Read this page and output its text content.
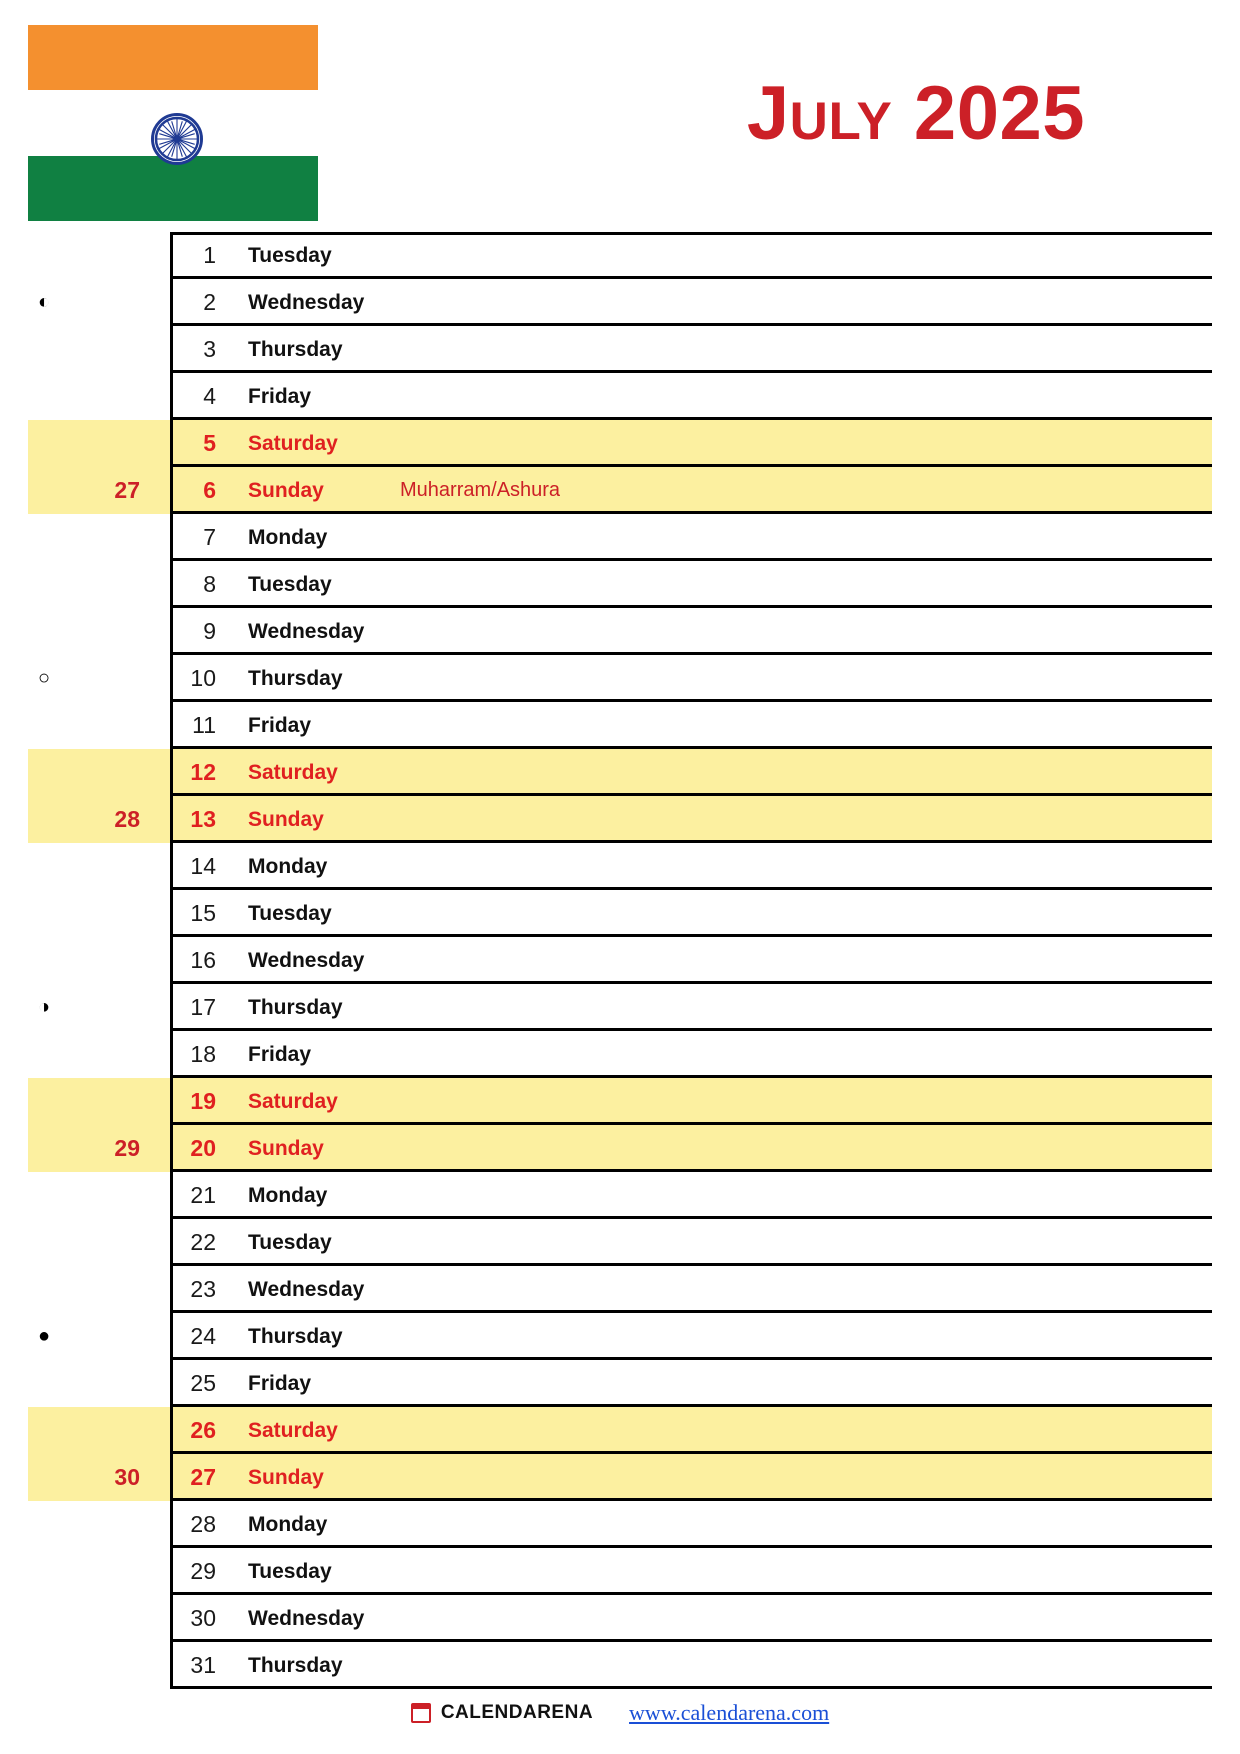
July 2025
1 Tuesday
◐	2 Wednesday
3 Thursday
4 Friday
5 Saturday
27	6 Sunday	Muharram/Ashura
7 Monday
8 Tuesday
9 Wednesday
○	10 Thursday
11 Friday
12 Saturday
28	13 Sunday
14 Monday
15 Tuesday
16 Wednesday
◑	17 Thursday
18 Friday
19 Saturday
29	20 Sunday
21 Monday
22 Tuesday
23 Wednesday
●	24 Thursday
25 Friday
26 Saturday
30	27 Sunday
28 Monday
29 Tuesday
30 Wednesday
31 Thursday
CALENDARENA www.calendarena.com
